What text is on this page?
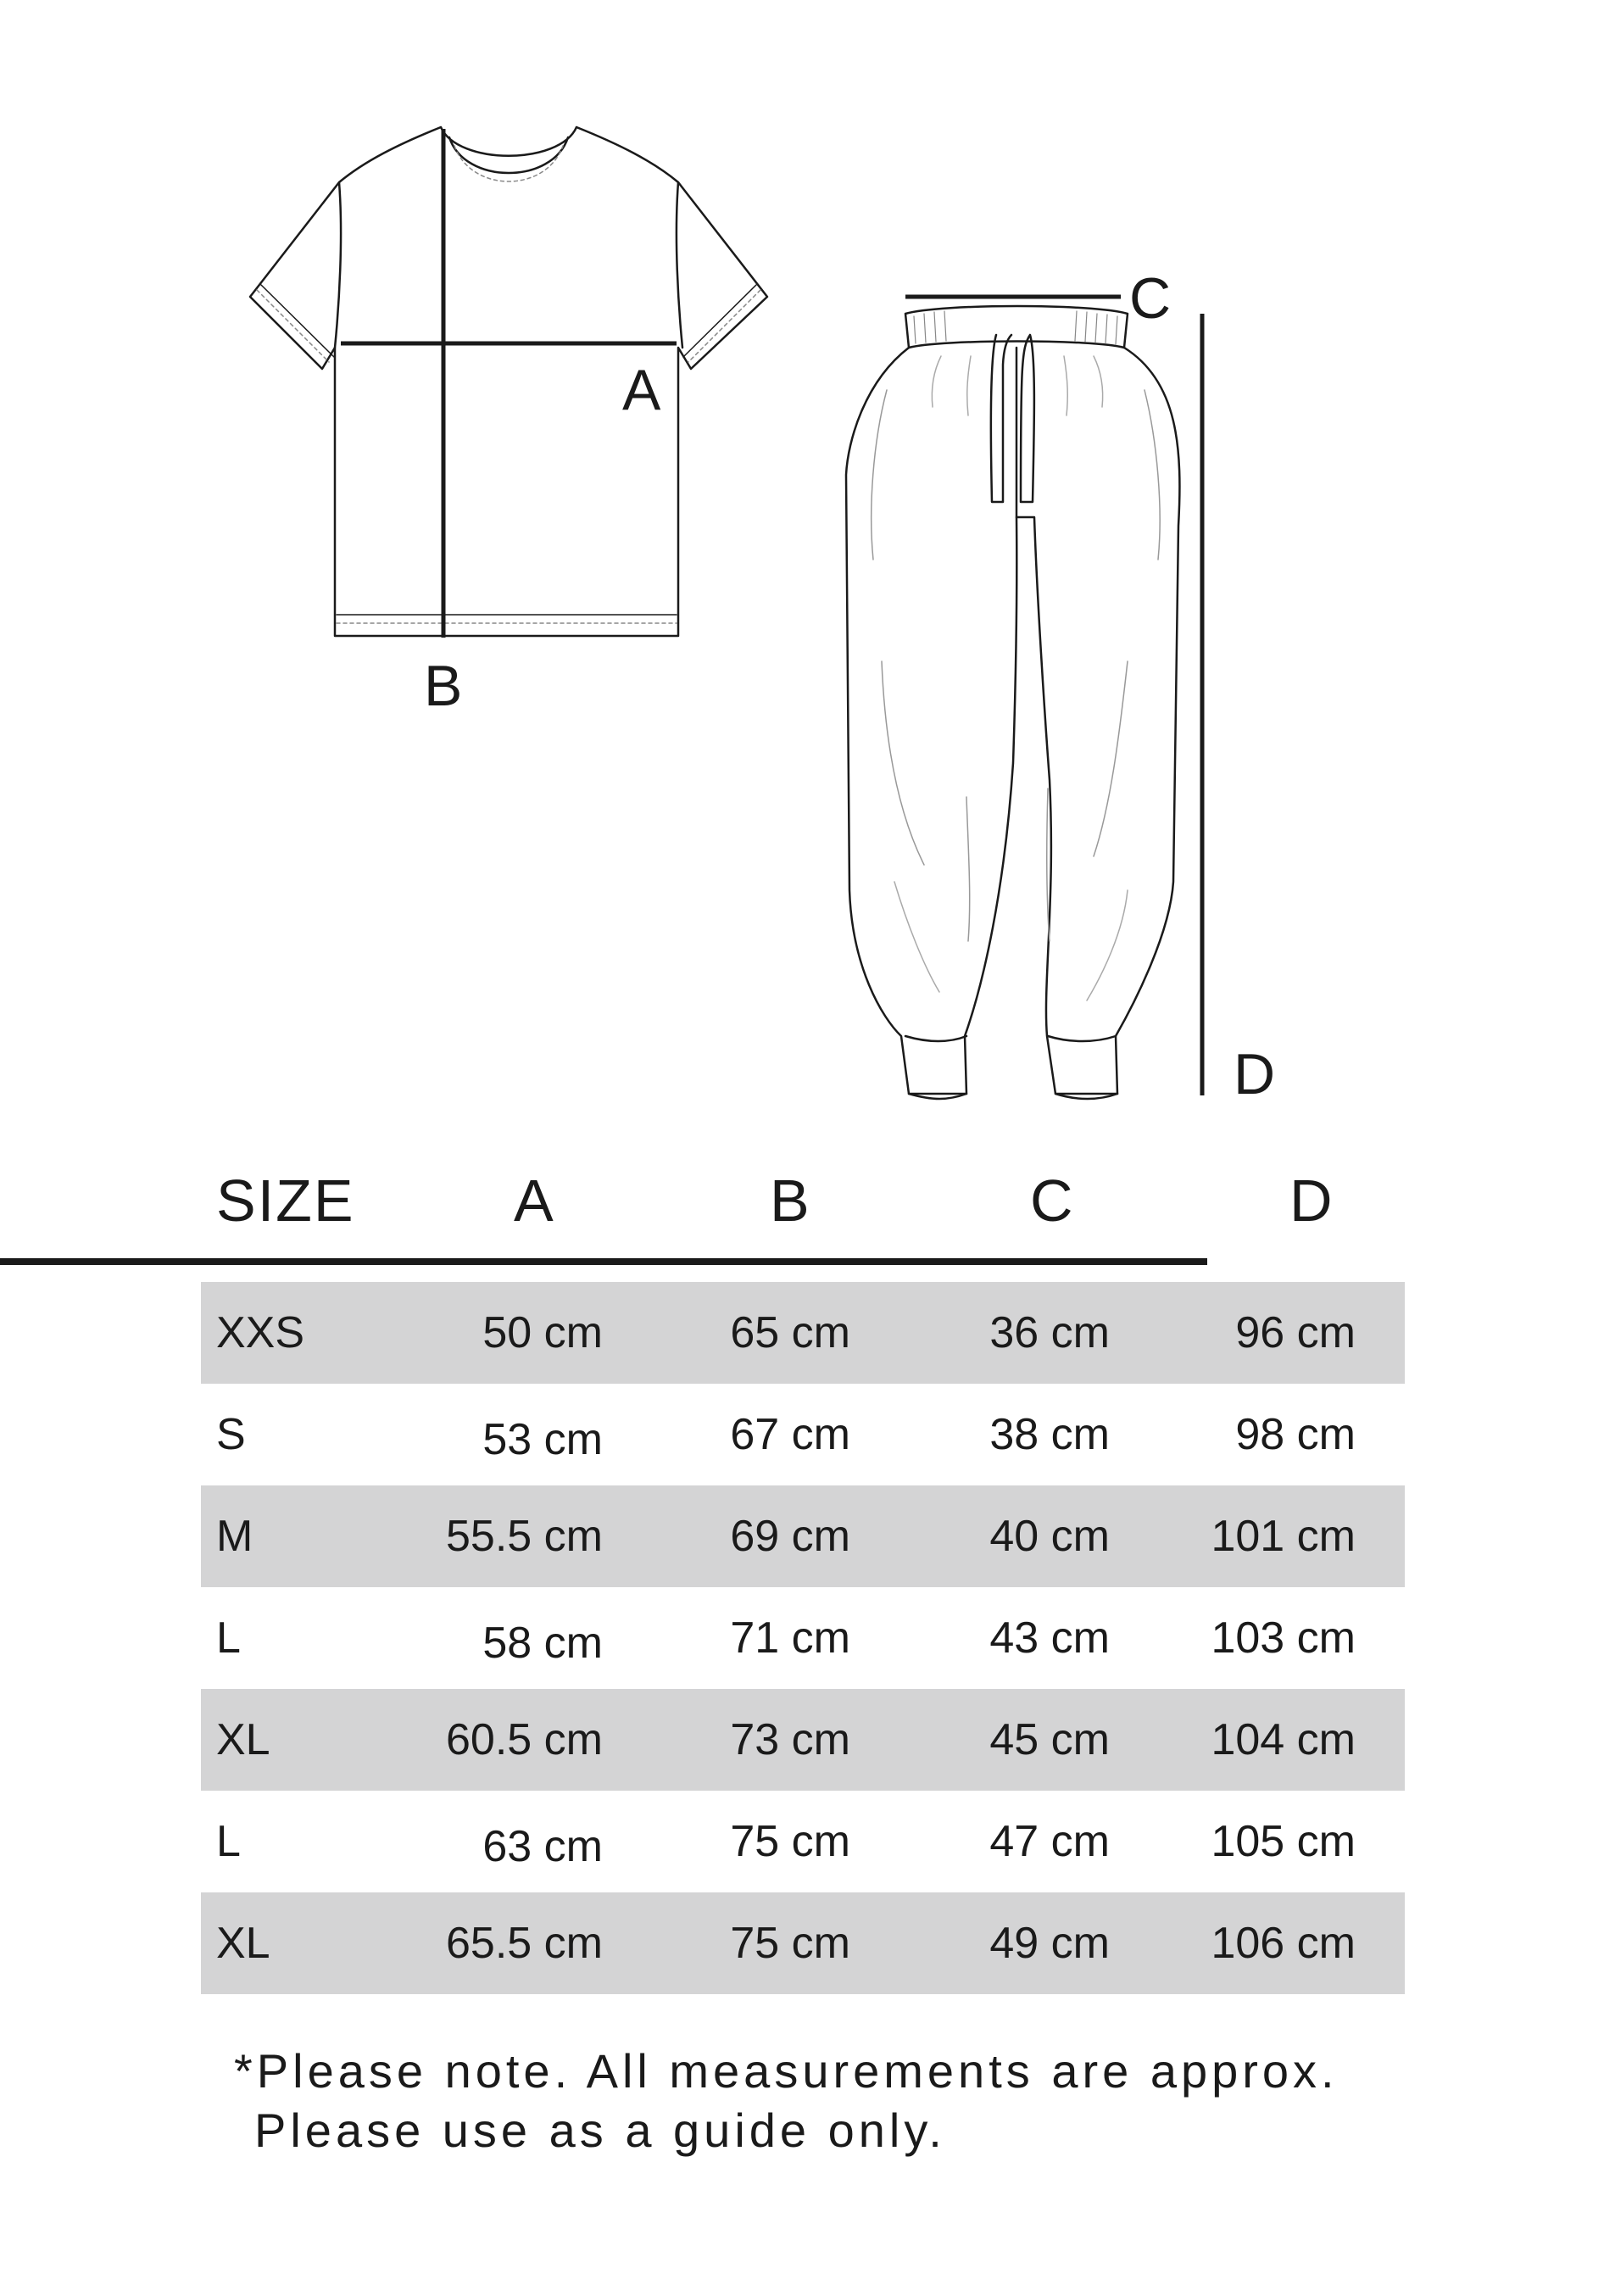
A
B
C
D
SIZE	A	B	C	D
XXS	50 cm	65 cm	36 cm	96 cm
S	53 cm	67 cm	38 cm	98 cm
M	55.5 cm	69 cm	40 cm 101 cm
L	58 cm	71 cm	43 cm 103 cm
XL	60.5 cm	73 cm	45 cm 104 cm
L	63 cm	75 cm	47 cm 105 cm
XL	65.5 cm	75 cm	49 cm 106 cm
*Please note. All measurements are approx.
Please use as a guide only.
